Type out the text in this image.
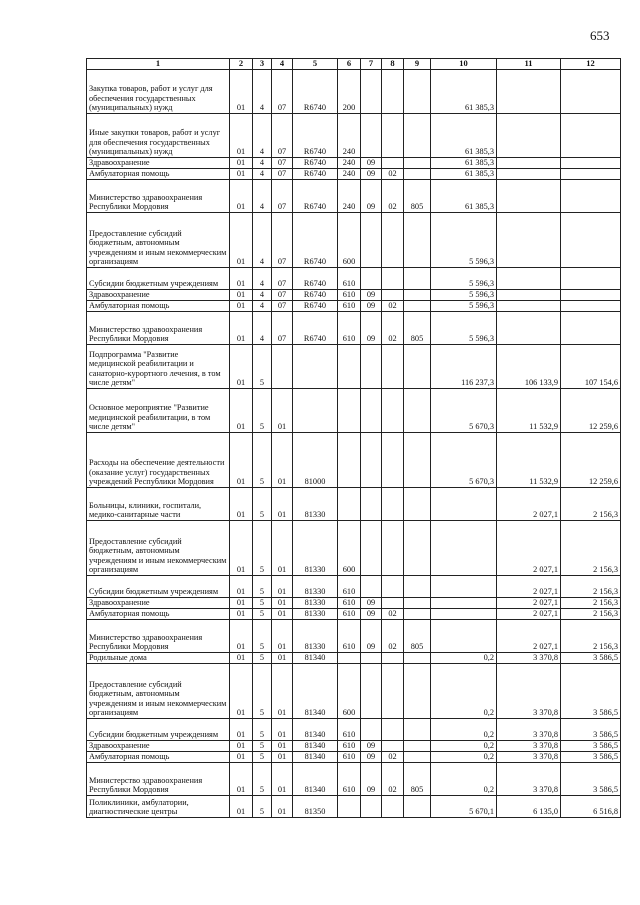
653
1	2	3	4	5	6	7	8	9	10	11	12
Закупка товаров, работ и услуг для обеспечения государственных (муниципальных) нужд	01	4	07	R6740	200				61 385,3		
Иные закупки товаров, работ и услуг для обеспечения государственных (муниципальных) нужд	01	4	07	R6740	240				61 385,3		
Здравоохранение	01	4	07	R6740	240	09			61 385,3		
Амбулаторная помощь	01	4	07	R6740	240	09	02		61 385,3		
Министерство здравоохранения Республики Мордовия	01	4	07	R6740	240	09	02	805	61 385,3		
Предоставление субсидий бюджетным, автономным учреждениям и иным некоммерческим организациям	01	4	07	R6740	600				5 596,3		
Субсидии бюджетным учреждениям	01	4	07	R6740	610				5 596,3		
Здравоохранение	01	4	07	R6740	610	09			5 596,3		
Амбулаторная помощь	01	4	07	R6740	610	09	02		5 596,3		
Министерство здравоохранения Республики Мордовия	01	4	07	R6740	610	09	02	805	5 596,3		
Подпрограмма "Развитие медицинской реабилитации и санаторно-курортного лечения, в том числе детям"	01	5							116 237,3	106 133,9	107 154,6
Основное мероприятие "Развитие медицинской реабилитации, в том числе детям"	01	5	01						5 670,3	11 532,9	12 259,6
Расходы на обеспечение деятельности (оказание услуг) государственных учреждений Республики Мордовия	01	5	01	81000					5 670,3	11 532,9	12 259,6
Больницы, клиники, госпитали, медико-санитарные части	01	5	01	81330						2 027,1	2 156,3
Предоставление субсидий бюджетным, автономным учреждениям и иным некоммерческим организациям	01	5	01	81330	600					2 027,1	2 156,3
Субсидии бюджетным учреждениям	01	5	01	81330	610					2 027,1	2 156,3
Здравоохранение	01	5	01	81330	610	09				2 027,1	2 156,3
Амбулаторная помощь	01	5	01	81330	610	09	02			2 027,1	2 156,3
Министерство здравоохранения Республики Мордовия	01	5	01	81330	610	09	02	805		2 027,1	2 156,3
Родильные дома	01	5	01	81340					0,2	3 370,8	3 586,5
Предоставление субсидий бюджетным, автономным учреждениям и иным некоммерческим организациям	01	5	01	81340	600				0,2	3 370,8	3 586,5
Субсидии бюджетным учреждениям	01	5	01	81340	610				0,2	3 370,8	3 586,5
Здравоохранение	01	5	01	81340	610	09			0,2	3 370,8	3 586,5
Амбулаторная помощь	01	5	01	81340	610	09	02		0,2	3 370,8	3 586,5
Министерство здравоохранения Республики Мордовия	01	5	01	81340	610	09	02	805	0,2	3 370,8	3 586,5
Поликлиники, амбулатории, диагностические центры	01	5	01	81350					5 670,1	6 135,0	6 516,8
